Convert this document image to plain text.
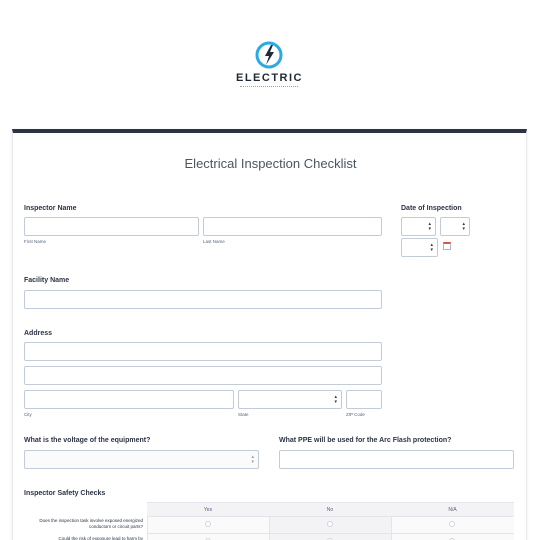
ELECTRIC
Electrical Inspection Checklist
Inspector Name
First Name	Last Name
Date of Inspection
▴
▾
▴
▾
▴
▾
Facility Name
Address
City
▴
▾
State	ZIP Code
What is the voltage of the equipment?
▴
▾
What PPE will be used for the Arc Flash protection?
Inspector Safety Checks
Yes	No	N/A
Does the inspection task involve exposed energized conductors or circuit parts?
Could the risk of exposure lead to harm by
